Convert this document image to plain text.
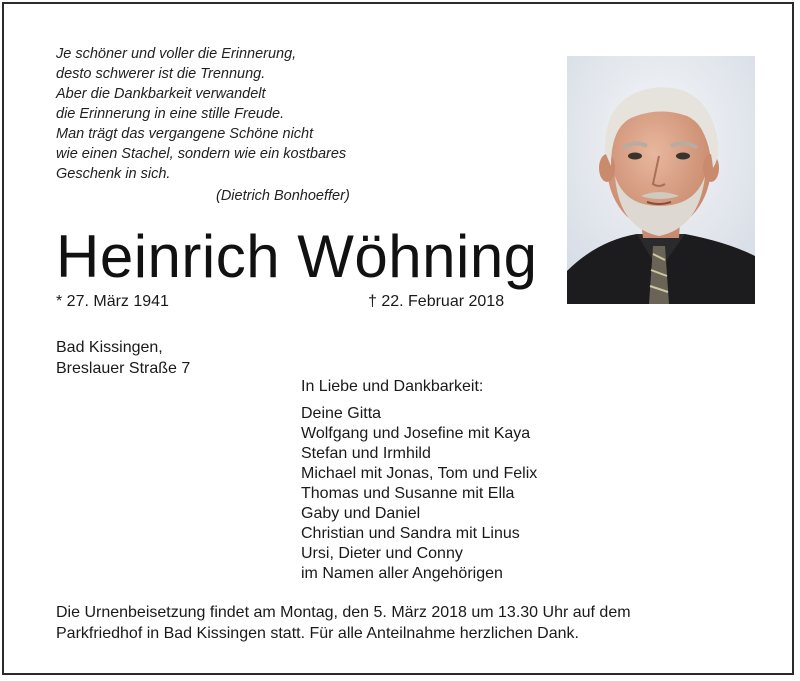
Je schöner und voller die Erinnerung,
desto schwerer ist die Trennung.
Aber die Dankbarkeit verwandelt
die Erinnerung in eine stille Freude.
Man trägt das vergangene Schöne nicht
wie einen Stachel, sondern wie ein kostbares
Geschenk in sich.
(Dietrich Bonhoeffer)
Heinrich Wöhning
* 27. März 1941	† 22. Februar 2018
Bad Kissingen,
Breslauer Straße 7
In Liebe und Dankbarkeit:
Deine Gitta
Wolfgang und Josefine mit Kaya
Stefan und Irmhild
Michael mit Jonas, Tom und Felix
Thomas und Susanne mit Ella
Gaby und Daniel
Christian und Sandra mit Linus
Ursi, Dieter und Conny
im Namen aller Angehörigen
Die Urnenbeisetzung findet am Montag, den 5. März 2018 um 13.30 Uhr auf dem
Parkfriedhof in Bad Kissingen statt. Für alle Anteilnahme herzlichen Dank.
